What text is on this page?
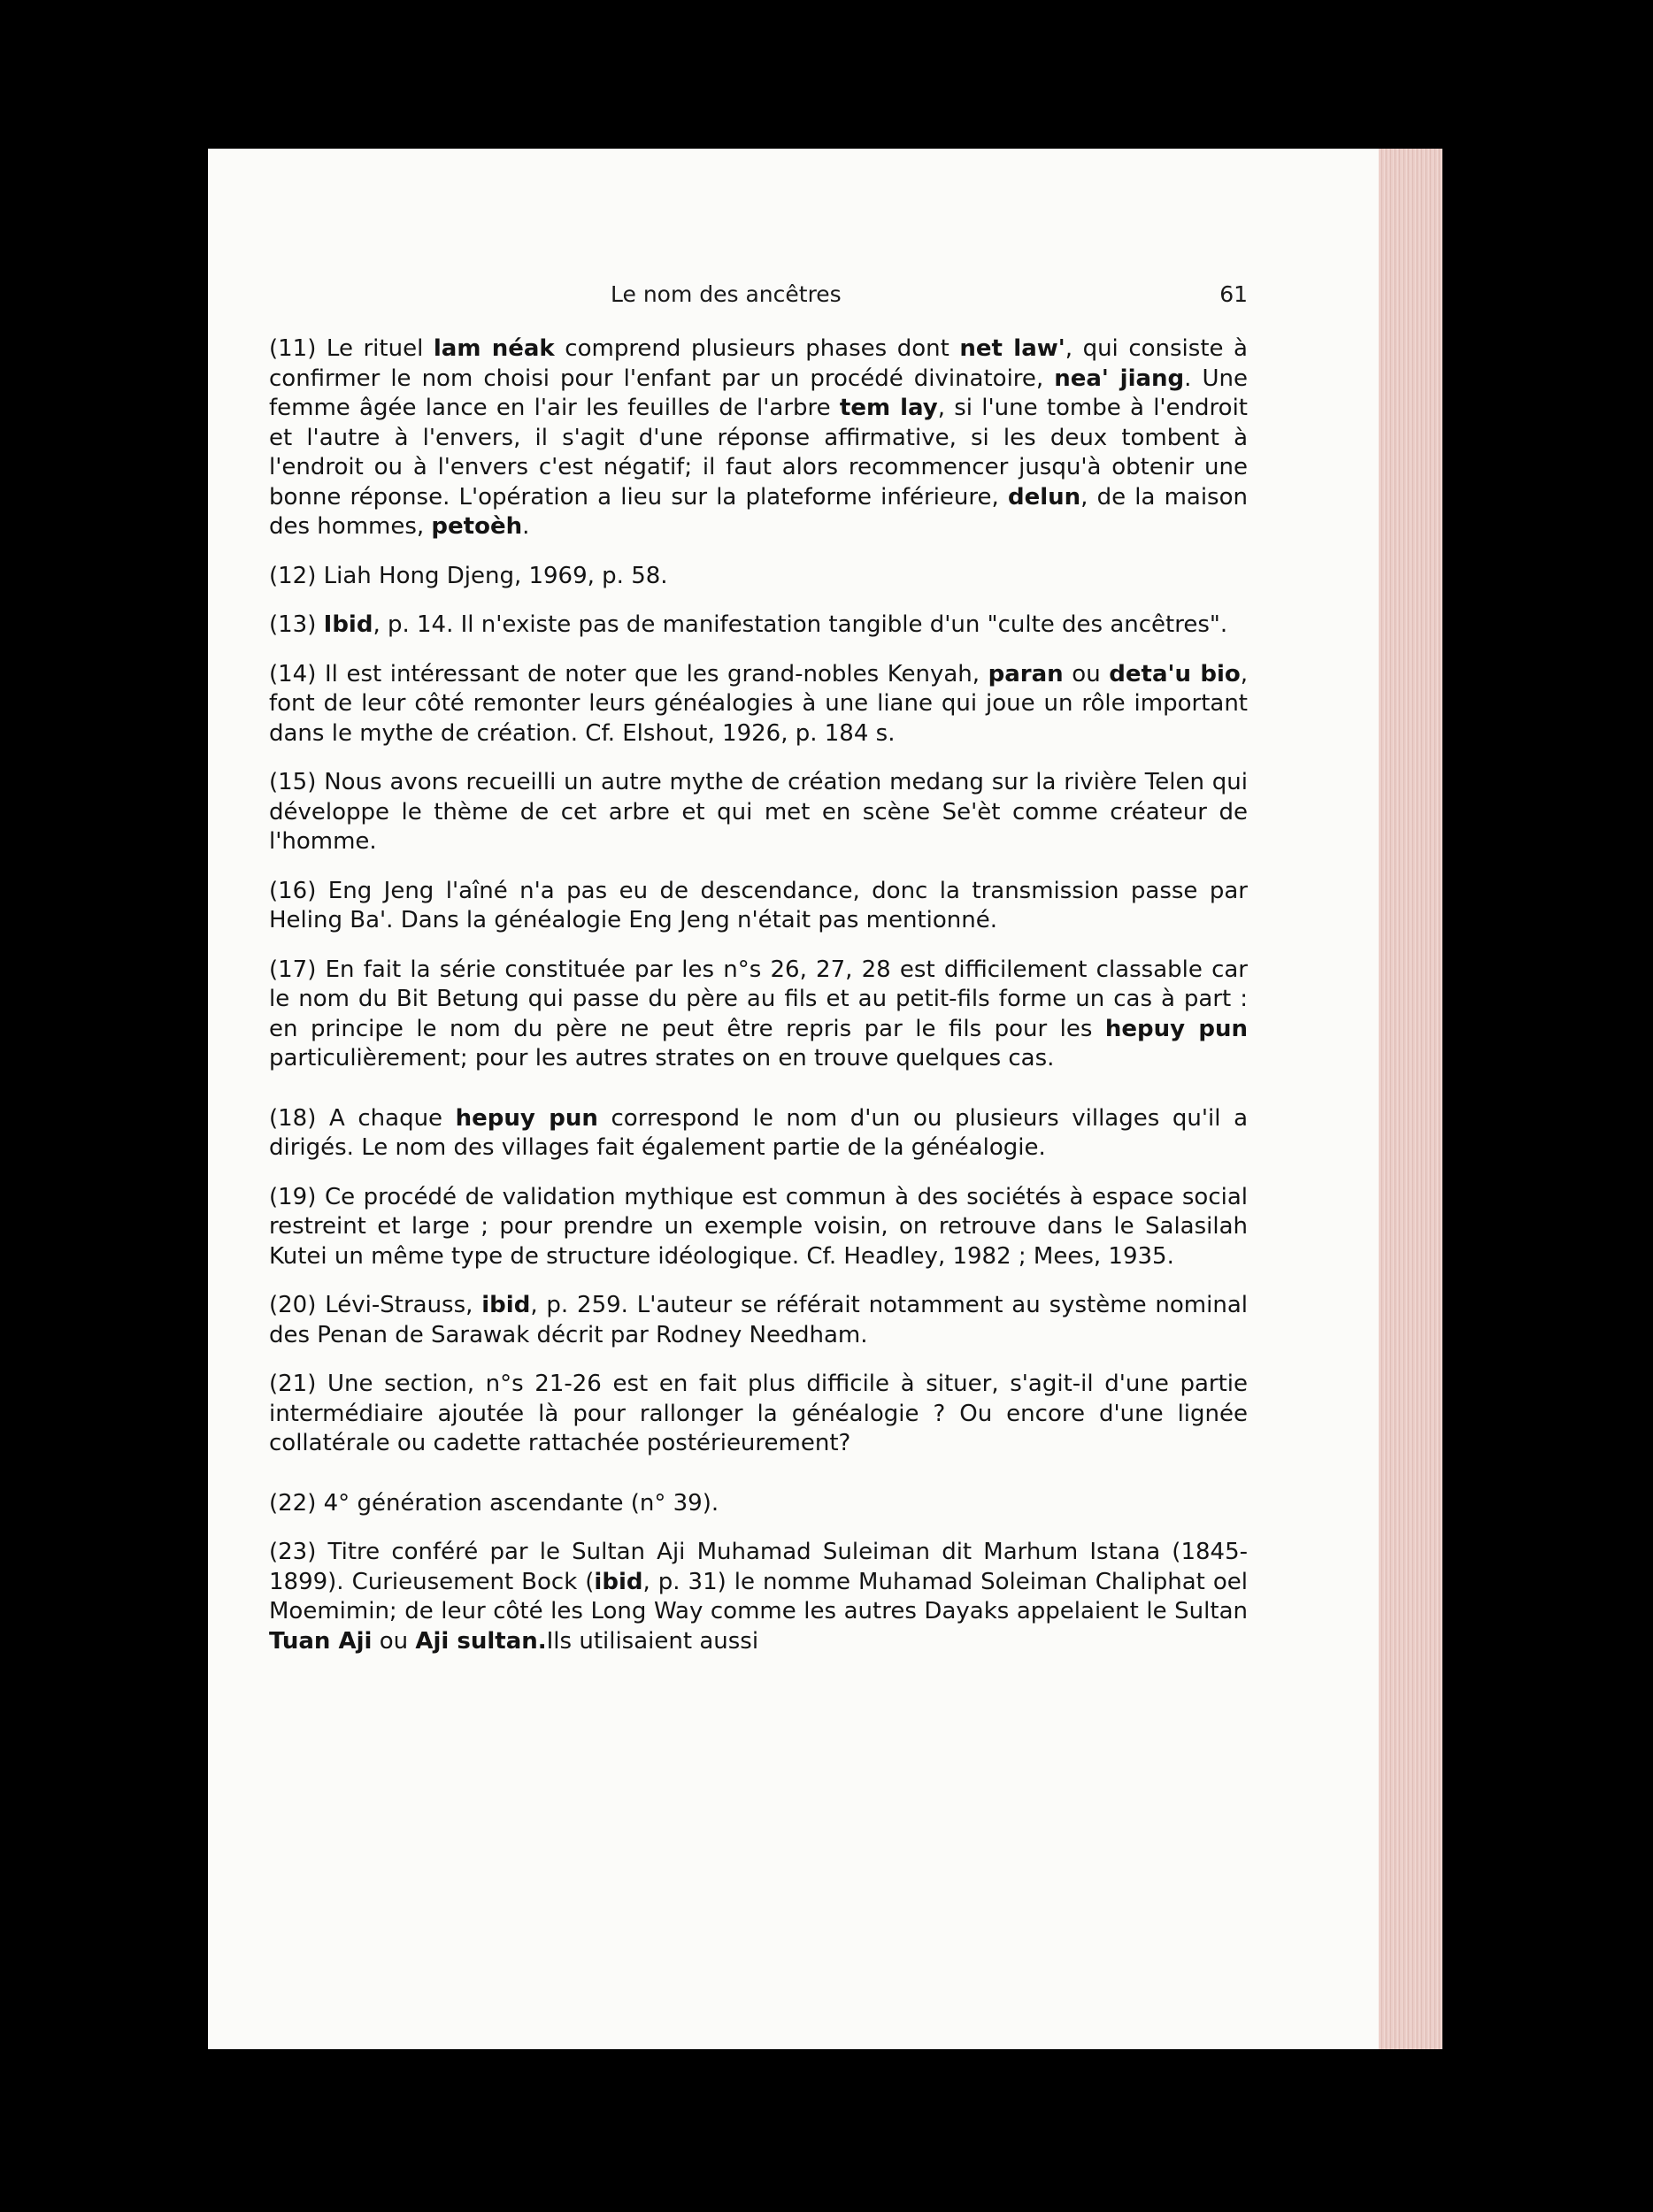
Le nom des ancêtres	61

(11) Le rituel lam néak comprend plusieurs phases dont net law', qui consiste à confirmer le nom choisi pour l'enfant par un procédé divinatoire, nea' jiang. Une femme âgée lance en l'air les feuilles de l'arbre tem lay, si l'une tombe à l'endroit et l'autre à l'envers, il s'agit d'une réponse affirmative, si les deux tombent à l'endroit ou à l'envers c'est négatif; il faut alors recommencer jusqu'à obtenir une bonne réponse. L'opération a lieu sur la plateforme inférieure, delun, de la maison des hommes, petoèh.

(12) Liah Hong Djeng, 1969, p. 58.

(13) Ibid, p. 14. Il n'existe pas de manifestation tangible d'un "culte des ancêtres".

(14) Il est intéressant de noter que les grand-nobles Kenyah, paran ou deta'u bio, font de leur côté remonter leurs généalogies à une liane qui joue un rôle important dans le mythe de création. Cf. Elshout, 1926, p. 184 s.

(15) Nous avons recueilli un autre mythe de création medang sur la rivière Telen qui développe le thème de cet arbre et qui met en scène Se'èt comme créateur de l'homme.

(16) Eng Jeng l'aîné n'a pas eu de descendance, donc la transmission passe par Heling Ba'. Dans la généalogie Eng Jeng n'était pas mentionné.

(17) En fait la série constituée par les n°s 26, 27, 28 est difficilement classable car le nom du Bit Betung qui passe du père au fils et au petit-fils forme un cas à part : en principe le nom du père ne peut être repris par le fils pour les hepuy pun particulièrement; pour les autres strates on en trouve quelques cas.

(18) A chaque hepuy pun correspond le nom d'un ou plusieurs villages qu'il a dirigés. Le nom des villages fait également partie de la généalogie.

(19) Ce procédé de validation mythique est commun à des sociétés à espace social restreint et large ; pour prendre un exemple voisin, on retrouve dans le Salasilah Kutei un même type de structure idéologique. Cf. Headley, 1982 ; Mees, 1935.

(20) Lévi-Strauss, ibid, p. 259. L'auteur se référait notamment au système nominal des Penan de Sarawak décrit par Rodney Needham.

(21) Une section, n°s 21-26 est en fait plus difficile à situer, s'agit-il d'une partie intermédiaire ajoutée là pour rallonger la généalogie ? Ou encore d'une lignée collatérale ou cadette rattachée postérieurement?

(22) 4° génération ascendante (n° 39).

(23) Titre conféré par le Sultan Aji Muhamad Suleiman dit Marhum Istana (1845-1899). Curieusement Bock (ibid, p. 31) le nomme Muhamad Soleiman Chaliphat oel Moemimin; de leur côté les Long Way comme les autres Dayaks appelaient le Sultan Tuan Aji ou Aji sultan.Ils utilisaient aussi
